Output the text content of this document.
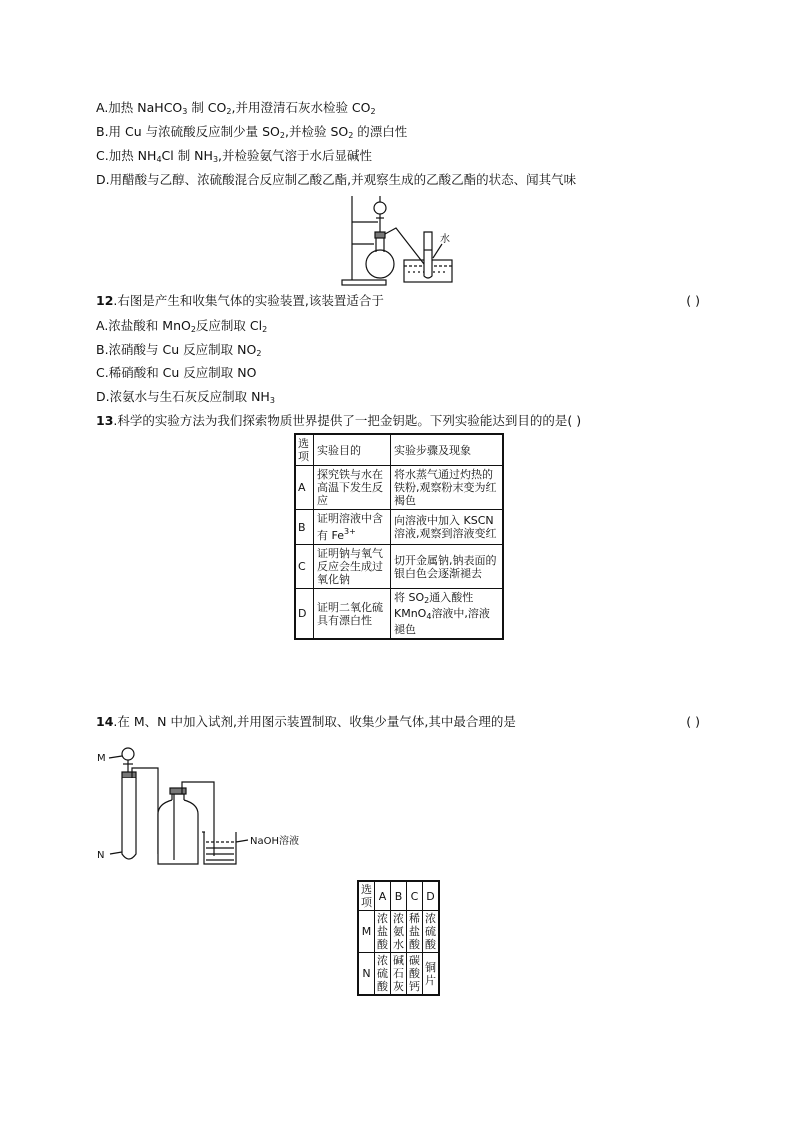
A.加热 NaHCO$_3$ 制 $CO_2$,并用澄清石灰水检验 $CO_2$
B.用 Cu 与浓硫酸反应制少量 $SO_2$,并检验 $SO_2$ 的漂白性
C.加热 $NH_4Cl$ 制 $NH_3$,并检验氨气溶于水后显碱性
D.用醋酸与乙醇、浓硫酸混合反应制乙酸乙酯,并观察生成的乙酸乙酯的状态、闻其气味
水
12.右图是产生和收集气体的实验装置,该装置适合于	( )
A.浓盐酸和 MnO$_2$反应制取 $Cl_2$
B.浓硝酸与 Cu 反应制取 $NO_2$
C.稀硝酸和 Cu 反应制取 NO
D.浓氨水与生石灰反应制取 $NH_3$
13.科学的实验方法为我们探索物质世界提供了一把金钥匙。下列实验能达到目的的是( )
选项	实验目的	实验步骤及现象
A	探究铁与水在高温下发生反应	将水蒸气通过灼热的铁粉,观察粉末变为红褐色
B	证明溶液中含有 $Fe^{3+}$	向溶液中加入 KSCN 溶液,观察到溶液变红
C	证明钠与氧气反应会生成过氧化钠	切开金属钠,钠表面的银白色会逐渐褪去
D	证明二氧化硫具有漂白性	将 $SO_2$通入酸性 KMnO$_4$溶液中,溶液褪色
14.在 M、N 中加入试剂,并用图示装置制取、收集少量气体,其中最合理的是	( )
M
N
NaOH溶液
选项	A	B	C	D
M	浓盐酸	浓氨水	稀盐酸	浓硫酸

N	浓硫酸	碱石灰	碳酸钙	铜片
